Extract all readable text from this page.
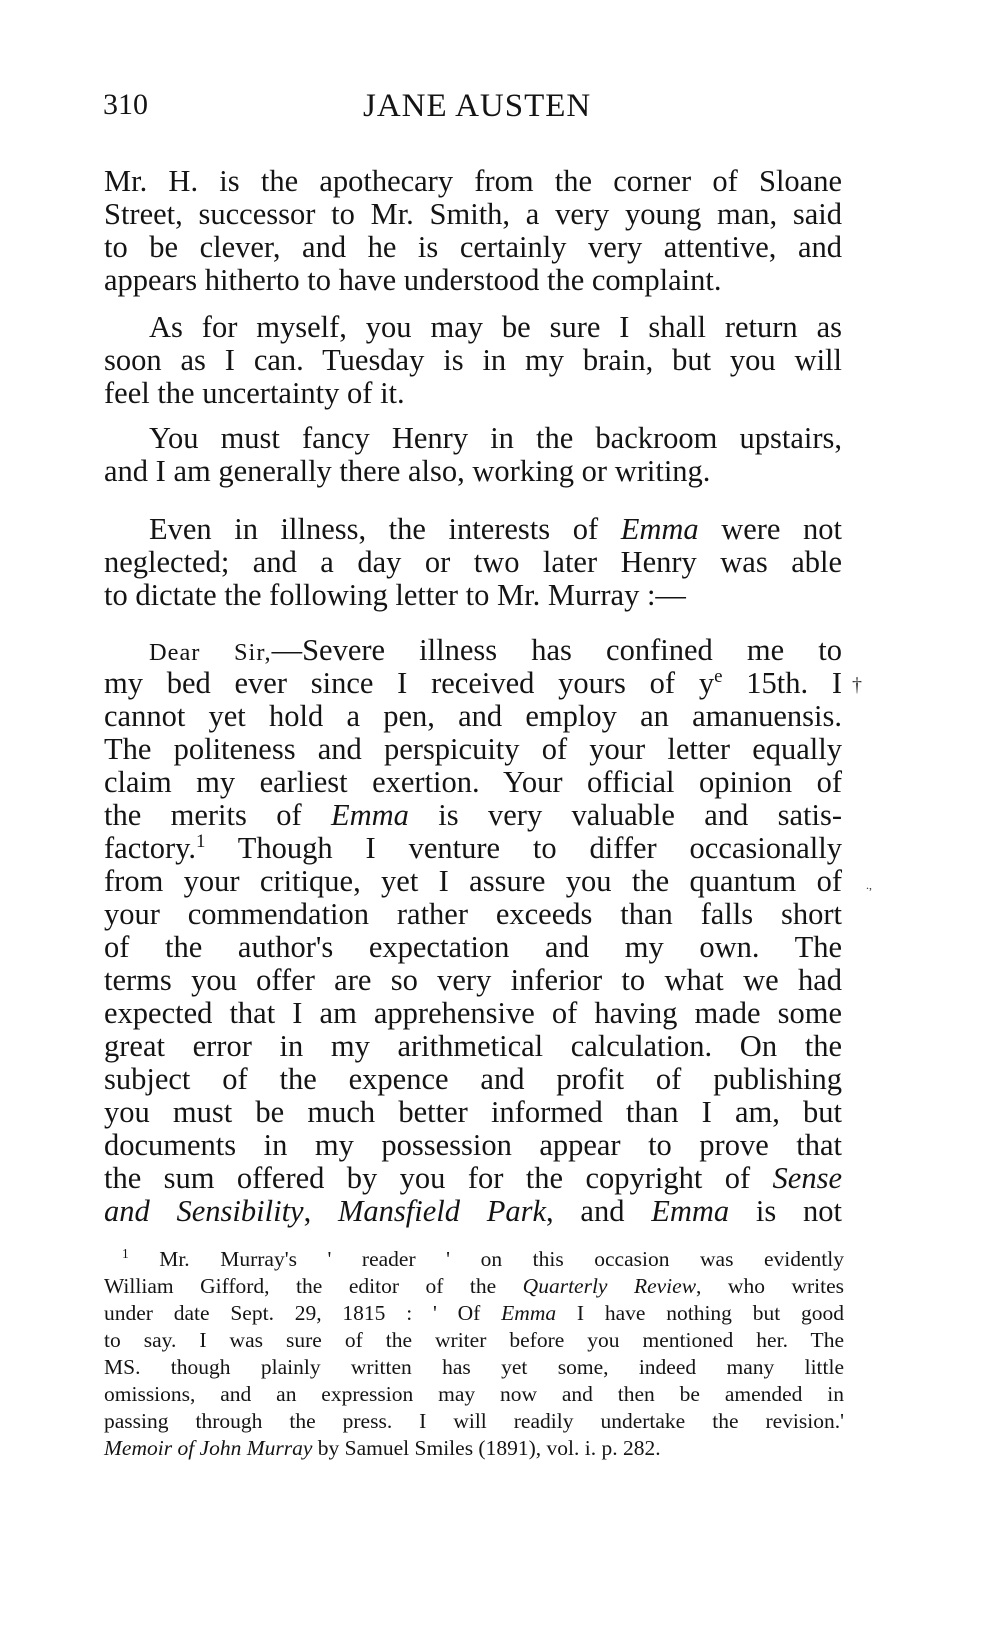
310	JANE AUSTEN
Mr. H. is the apothecary from the corner of Sloane
Street, successor to Mr. Smith, a very young man, said
to be clever, and he is certainly very attentive, and
appears hitherto to have understood the complaint.
As for myself, you may be sure I shall return as
soon as I can. Tuesday is in my brain, but you will
feel the uncertainty of it.
You must fancy Henry in the backroom upstairs,
and I am generally there also, working or writing.
Even in illness, the interests of Emma were not
neglected; and a day or two later Henry was able
to dictate the following letter to Mr. Murray :—
Dear Sir,—Severe illness has confined me to
my bed ever since I received yours of $y^e$ 15th. I
cannot yet hold a pen, and employ an amanuensis.
The politeness and perspicuity of your letter equally
claim my earliest exertion. Your official opinion of
the merits of Emma is very valuable and satis-
factory.$^1$ Though I venture to differ occasionally
from your critique, yet I assure you the quantum of
your commendation rather exceeds than falls short
of the author's expectation and my own. The
terms you offer are so very inferior to what we had
expected that I am apprehensive of having made some
great error in my arithmetical calculation. On the
subject of the expence and profit of publishing
you must be much better informed than I am, but
documents in my possession appear to prove that
the sum offered by you for the copyright of Sense
and Sensibility, Mansfield Park, and Emma is not
†
.,
$^1$ Mr. Murray's ' reader ' on this occasion was evidently
William Gifford, the editor of the Quarterly Review, who writes
under date Sept. 29, 1815 : ' Of Emma I have nothing but good
to say. I was sure of the writer before you mentioned her. The
MS. though plainly written has yet some, indeed many little
omissions, and an expression may now and then be amended in
passing through the press. I will readily undertake the revision.'
Memoir of John Murray by Samuel Smiles (1891), vol. i. p. 282.
